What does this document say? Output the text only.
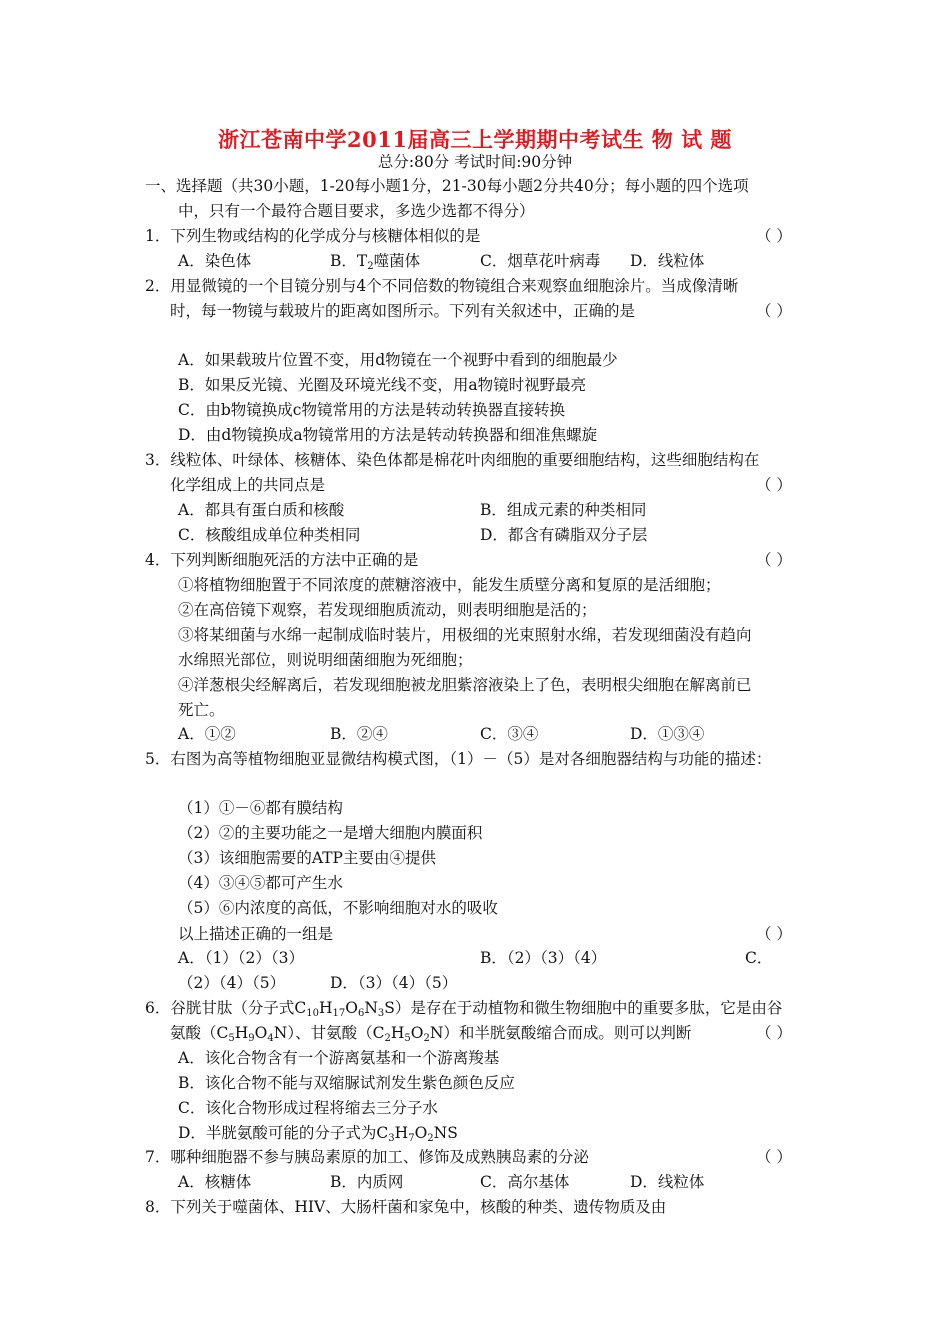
浙江苍南中学2011届高三上学期期中考试生 物 试 题
总分:80分 考试时间:90分钟
一、选择题（共30小题，1-20每小题1分，21-30每小题2分共40分；每小题的四个选项
中，只有一个最符合题目要求，多选少选都不得分）
1．下列生物或结构的化学成分与核糖体相似的是	（ ）
A．染色体	B．$T_2$噬菌体	C．烟草花叶病毒 D．线粒体
2．用显微镜的一个目镜分别与4个不同倍数的物镜组合来观察血细胞涂片。当成像清晰
时，每一物镜与载玻片的距离如图所示。下列有关叙述中，正确的是	（ ）
A．如果载玻片位置不变，用d物镜在一个视野中看到的细胞最少
B．如果反光镜、光圈及环境光线不变，用a物镜时视野最亮
C．由b物镜换成c物镜常用的方法是转动转换器直接转换
D．由d物镜换成a物镜常用的方法是转动转换器和细准焦螺旋
3．线粒体、叶绿体、核糖体、染色体都是棉花叶肉细胞的重要细胞结构，这些细胞结构在
化学组成上的共同点是	（ ）
A．都具有蛋白质和核酸	B．组成元素的种类相同
C．核酸组成单位种类相同	D．都含有磷脂双分子层
4．下列判断细胞死活的方法中正确的是	（ ）
①将植物细胞置于不同浓度的蔗糖溶液中，能发生质壁分离和复原的是活细胞；
②在高倍镜下观察，若发现细胞质流动，则表明细胞是活的；
③将某细菌与水绵一起制成临时装片，用极细的光束照射水绵，若发现细菌没有趋向
水绵照光部位，则说明细菌细胞为死细胞；
④洋葱根尖经解离后，若发现细胞被龙胆紫溶液染上了色，表明根尖细胞在解离前已
死亡。
A．①②	B．②④	C．③④	D．①③④
5．右图为高等植物细胞亚显微结构模式图，（1）－（5）是对各细胞器结构与功能的描述：
（1）①－⑥都有膜结构
（2）②的主要功能之一是增大细胞内膜面积
（3）该细胞需要的ATP主要由④提供
（4）③④⑤都可产生水
（5）⑥内浓度的高低，不影响细胞对水的吸收
以上描述正确的一组是	（ ）
A．（1）（2）（3）	B．（2）（3）（4）	C．
（2）（4）（5）	D．（3）（4）（5）
6．谷胱甘肽（分子式$C_{10}H_{17}O_6N_3S$）是存在于动植物和微生物细胞中的重要多肽，它是由谷
氨酸$(C_5H_9O_4N)$、甘氨酸$(C_2H_5O_2N)$和半胱氨酸缩合而成。则可以判断	（ ）
A．该化合物含有一个游离氨基和一个游离羧基
B．该化合物不能与双缩脲试剂发生紫色颜色反应
C．该化合物形成过程将缩去三分子水
D．半胱氨酸可能的分子式为$C_3H_7O_2NS$
7．哪种细胞器不参与胰岛素原的加工、修饰及成熟胰岛素的分泌	（ ）
A．核糖体	B．内质网	C．高尔基体	D．线粒体
8．下列关于噬菌体、HIV、大肠杆菌和家兔中，核酸的种类、遗传物质及由
